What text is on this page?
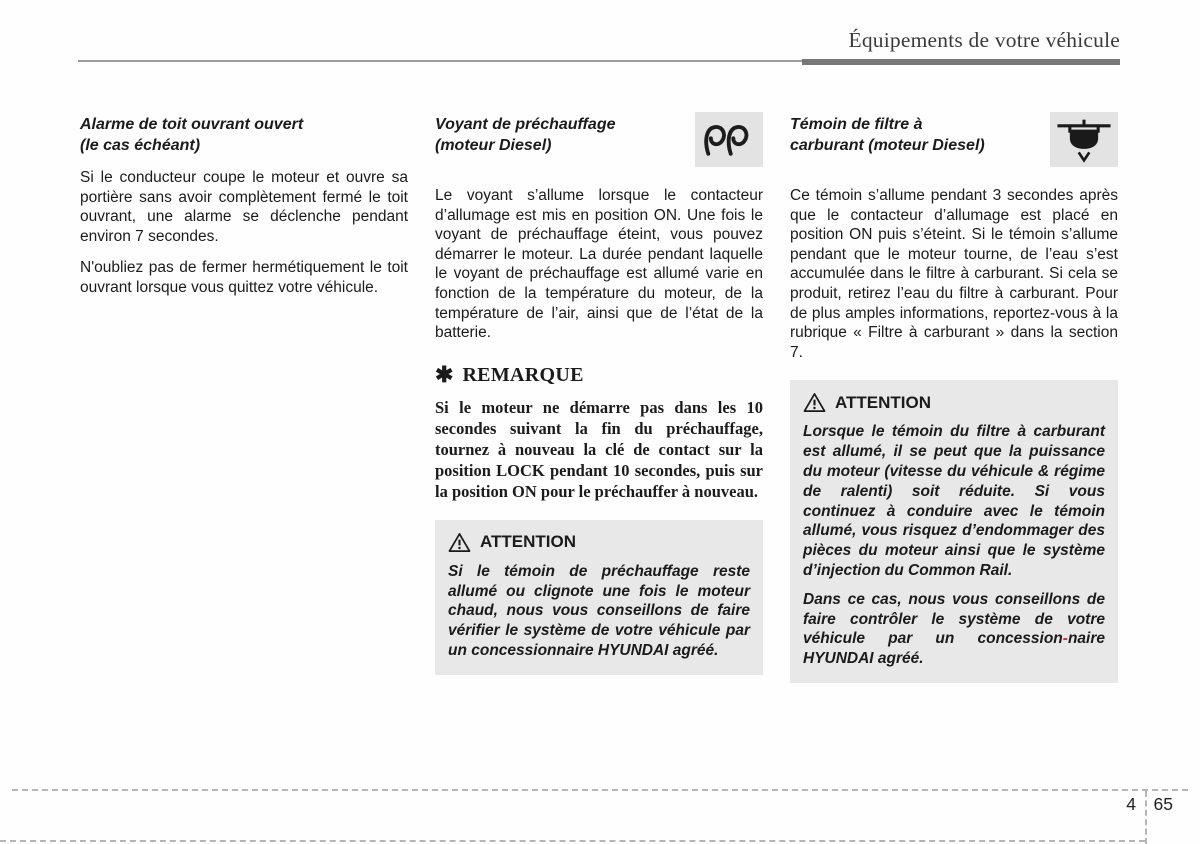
Équipements de votre véhicule
Alarme de toit ouvrant ouvert
(le cas échéant)

Si le conducteur coupe le moteur et ouvre sa portière sans avoir complètement fermé le toit ouvrant, une alarme se déclenche pendant environ 7 secondes.

N'oubliez pas de fermer hermétiquement le toit ouvrant lorsque vous quittez votre véhicule.

Voyant de préchauffage
(moteur Diesel)

Le voyant s’allume lorsque le contacteur d’allumage est mis en position ON. Une fois le voyant de préchauffage éteint, vous pouvez démarrer le moteur. La durée pendant laquelle le voyant de préchauffage est allumé varie en fonction de la température du moteur, de la température de l’air, ainsi que de l’état de la batterie.

✱ REMARQUE

Si le moteur ne démarre pas dans les 10 secondes suivant la fin du préchauffage, tournez à nouveau la clé de contact sur la position LOCK pendant 10 secondes, puis sur la position ON pour le préchauffer à nouveau.

ATTENTION

Si le témoin de préchauffage reste allumé ou clignote une fois le moteur chaud, nous vous conseillons de faire vérifier le système de votre véhicule par un concessionnaire HYUNDAI agréé.

Témoin de filtre à
carburant (moteur Diesel)

Ce témoin s’allume pendant 3 secondes après que le contacteur d’allumage est placé en position ON puis s’éteint. Si le témoin s’allume pendant que le moteur tourne, de l’eau s’est accumulée dans le filtre à carburant. Si cela se produit, retirez l’eau du filtre à carburant. Pour de plus amples informations, reportez-vous à la rubrique « Filtre à carburant » dans la section 7.

ATTENTION

Lorsque le témoin du filtre à carburant est allumé, il se peut que la puissance du moteur (vitesse du véhicule & régime de ralenti) soit réduite. Si vous continuez à conduire avec le témoin allumé, vous risquez d’endommager des pièces du moteur ainsi que le système d’injection du Common Rail.

Dans ce cas, nous vous conseillons de faire contrôler le système de votre véhicule par un concession-naire HYUNDAI agréé.

4 65
